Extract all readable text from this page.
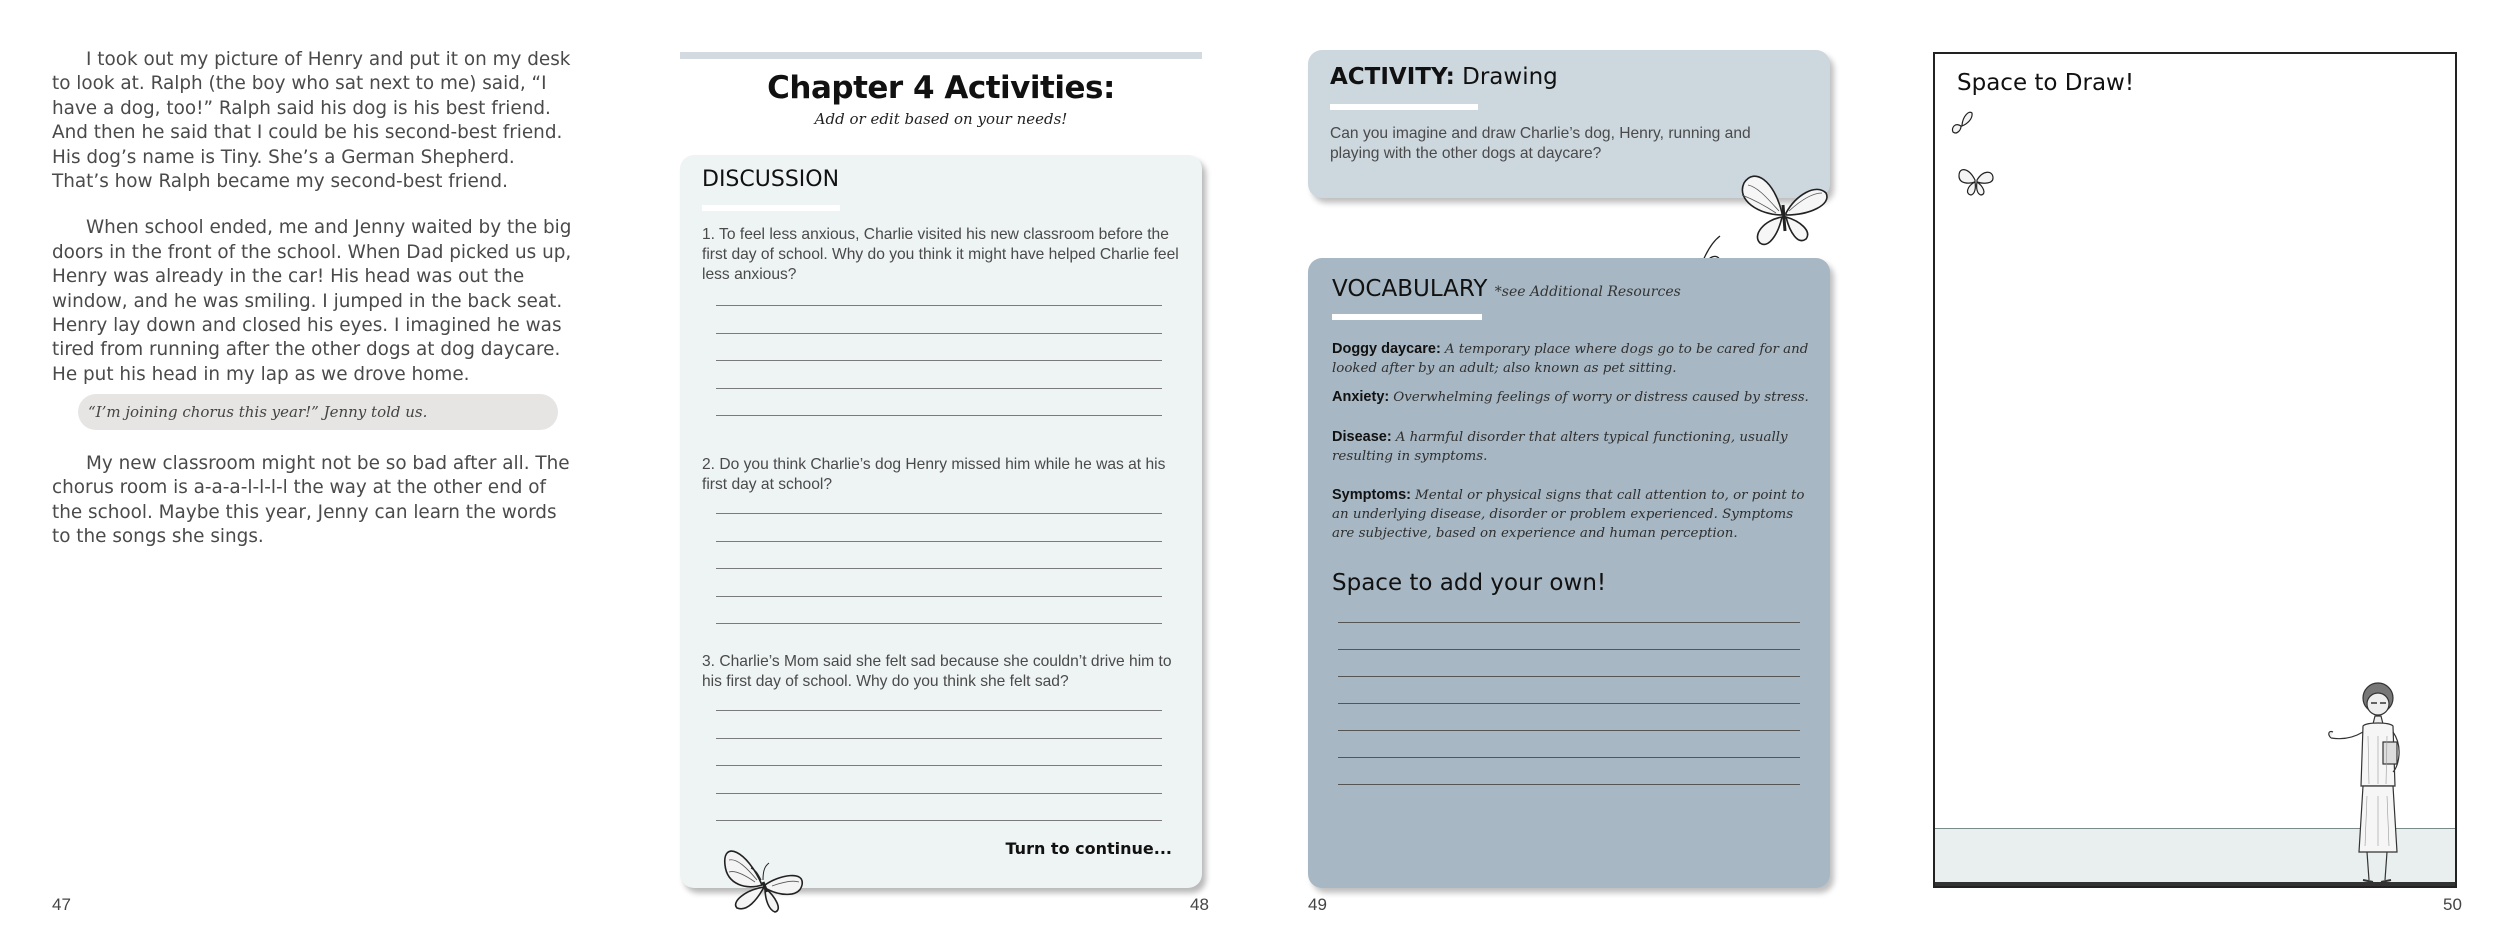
I took out my picture of Henry and put it on my desk to look at. Ralph (the boy who sat next to me) said, “I have a dog, too!” Ralph said his dog is his best friend. And then he said that I could be his second-best friend. His dog’s name is Tiny. She’s a German Shepherd. That’s how Ralph became my second-best friend.

When school ended, me and Jenny waited by the big doors in the front of the school. When Dad picked us up, Henry was already in the car! His head was out the window, and he was smiling. I jumped in the back seat. Henry lay down and closed his eyes. I imagined he was tired from running after the other dogs at dog daycare. He put his head in my lap as we drove home.

“I’m joining chorus this year!” Jenny told us.

My new classroom might not be so bad after all. The chorus room is a-a-a-l-l-l-l the way at the other end of the school. Maybe this year, Jenny can learn the words to the songs she sings.

47
Chapter 4 Activities:
Add or edit based on your needs!
DISCUSSION
1. To feel less anxious, Charlie visited his new classroom before the first day of school. Why do you think it might have helped Charlie feel less anxious?
2. Do you think Charlie’s dog Henry missed him while he was at his first day at school?
3. Charlie’s Mom said she felt sad because she couldn’t drive him to his first day of school. Why do you think she felt sad?
Turn to continue...
48
ACTIVITY: Drawing
Can you imagine and draw Charlie’s dog, Henry, running and playing with the other dogs at daycare?
VOCABULARY *see Additional Resources
Doggy daycare: A temporary place where dogs go to be cared for and looked after by an adult; also known as pet sitting.
Anxiety: Overwhelming feelings of worry or distress caused by stress.
Disease: A harmful disorder that alters typical functioning, usually resulting in symptoms.
Symptoms: Mental or physical signs that call attention to, or point to an underlying disease, disorder or problem experienced. Symptoms are subjective, based on experience and human perception.
Space to add your own!
49
Space to Draw!
50
